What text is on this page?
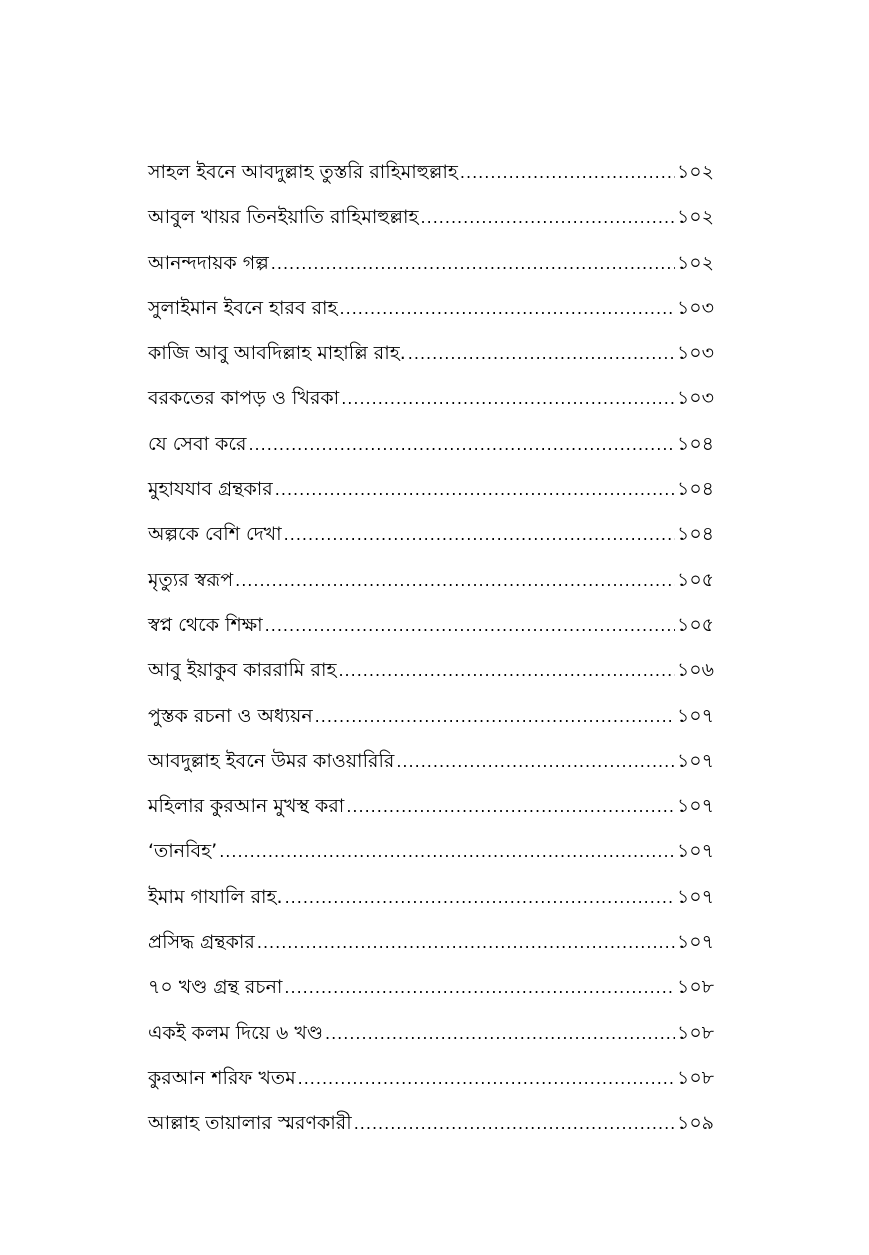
সাহল ইবনে আবদুল্লাহ তুস্তরি রাহিমাহুল্লাহ .....	১০২
আবুল খায়র তিনইয়াতি রাহিমাহুল্লাহ .....	১০২
আনন্দদায়ক গল্প .....	১০২
সুলাইমান ইবনে হারব রাহ .....	১০৩
কাজি আবু আবদিল্লাহ মাহাল্লি রাহ. .....	১০৩
বরকতের কাপড় ও খিরকা .....	১০৩
যে সেবা করে .....	১০৪
মুহাযযাব গ্রন্থকার .....	১০৪
অল্পকে বেশি দেখা .....	১০৪
মৃত্যুর স্বরূপ .....	১০৫
স্বপ্ন থেকে শিক্ষা .....	১০৫
আবু ইয়াকুব কাররামি রাহ .....	১০৬
পুস্তক রচনা ও অধ্যয়ন .....	১০৭
আবদুল্লাহ ইবনে উমর কাওয়ারিরি .....	১০৭
মহিলার কুরআন মুখস্থ করা .....	১০৭
‘তানবিহ’ .....	১০৭
ইমাম গাযালি রাহ. .....	১০৭
প্রসিদ্ধ গ্রন্থকার .....	১০৭
৭০ খণ্ড গ্রন্থ রচনা .....	১০৮
একই কলম দিয়ে ৬ খণ্ড .....	১০৮
কুরআন শরিফ খতম .....	১০৮
আল্লাহ তায়ালার স্মরণকারী .....	১০৯
